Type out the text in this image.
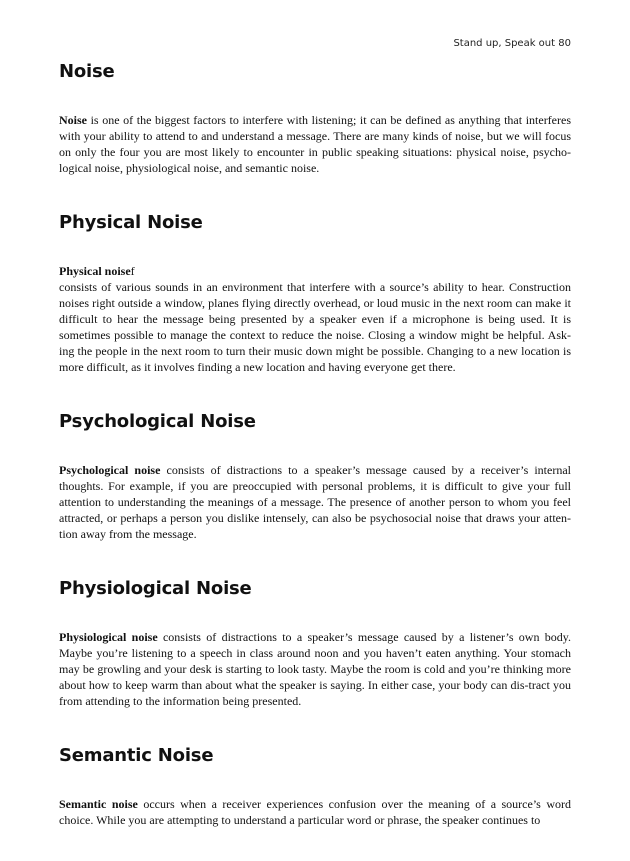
Stand up, Speak out 80
Noise

Noise is one of the biggest factors to interfere with listening; it can be defined as anything that interferes with your ability to attend to and understand a message. There are many kinds of noise, but we will focus on only the four you are most likely to encounter in public speaking situations: physical noise, psycho-logical noise, physiological noise, and semantic noise.

Physical Noise

Physical noisef
consists of various sounds in an environment that interfere with a source’s ability to hear. Construction noises right outside a window, planes flying directly overhead, or loud music in the next room can make it difficult to hear the message being presented by a speaker even if a microphone is being used. It is sometimes possible to manage the context to reduce the noise. Closing a window might be helpful. Ask-ing the people in the next room to turn their music down might be possible. Changing to a new location is more difficult, as it involves finding a new location and having everyone get there.

Psychological Noise

Psychological noise consists of distractions to a speaker’s message caused by a receiver’s internal thoughts. For example, if you are preoccupied with personal problems, it is difficult to give your full attention to understanding the meanings of a message. The presence of another person to whom you feel attracted, or perhaps a person you dislike intensely, can also be psychosocial noise that draws your atten-tion away from the message.

Physiological Noise

Physiological noise consists of distractions to a speaker’s message caused by a listener’s own body. Maybe you’re listening to a speech in class around noon and you haven’t eaten anything. Your stomach may be growling and your desk is starting to look tasty. Maybe the room is cold and you’re thinking more about how to keep warm than about what the speaker is saying. In either case, your body can dis-tract you from attending to the information being presented.

Semantic Noise

Semantic noise occurs when a receiver experiences confusion over the meaning of a source’s word choice. While you are attempting to understand a particular word or phrase, the speaker continues to
